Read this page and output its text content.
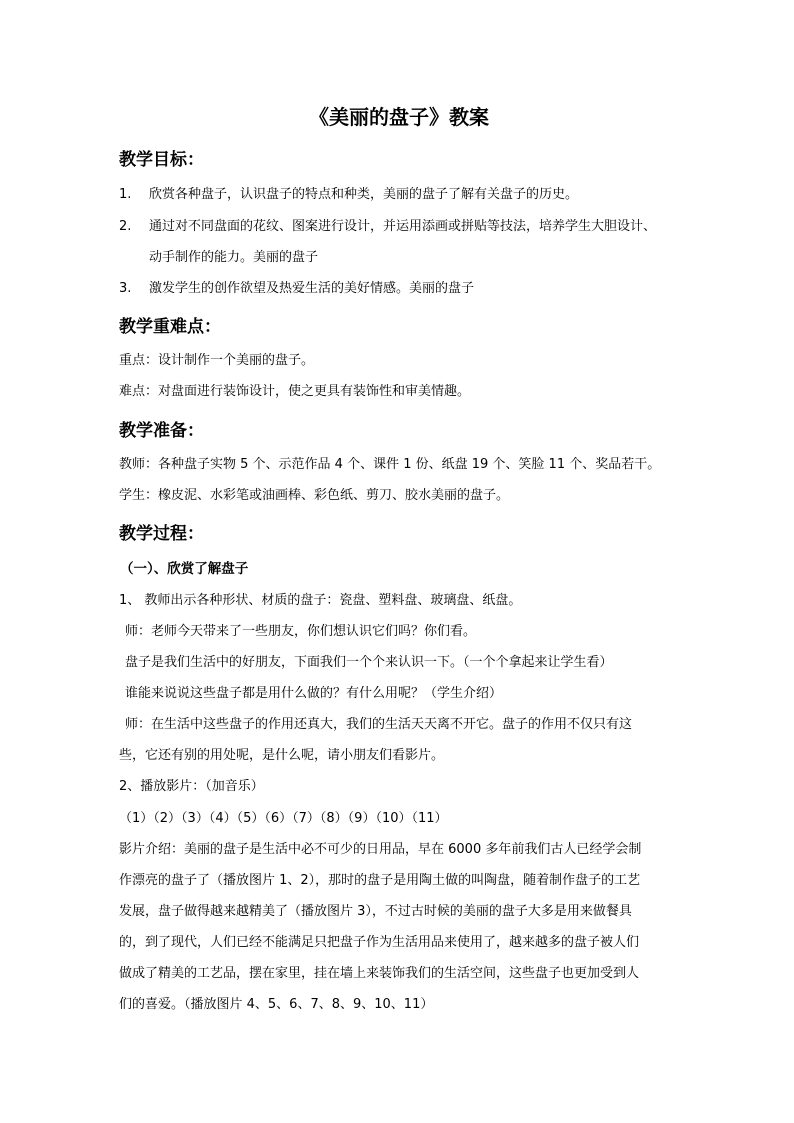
《美丽的盘子》教案
教学目标：
1. 欣赏各种盘子，认识盘子的特点和种类，美丽的盘子了解有关盘子的历史。
2. 通过对不同盘面的花纹、图案进行设计，并运用添画或拼贴等技法，培养学生大胆设计、
动手制作的能力。美丽的盘子
3. 激发学生的创作欲望及热爱生活的美好情感。美丽的盘子
教学重难点：
重点：设计制作一个美丽的盘子。
难点：对盘面进行装饰设计，使之更具有装饰性和审美情趣。
教学准备：
教师：各种盘子实物 5 个、示范作品 4 个、课件 1 份、纸盘 19 个、笑脸 11 个、奖品若干。
学生：橡皮泥、水彩笔或油画棒、彩色纸、剪刀、胶水美丽的盘子。
教学过程：
（一）、欣赏了解盘子
1、 教师出示各种形状、材质的盘子：瓷盘、塑料盘、玻璃盘、纸盘。
师：老师今天带来了一些朋友，你们想认识它们吗？你们看。
盘子是我们生活中的好朋友，下面我们一个个来认识一下。（一个个拿起来让学生看）
谁能来说说这些盘子都是用什么做的？有什么用呢？（学生介绍）
师：在生活中这些盘子的作用还真大，我们的生活天天离不开它。盘子的作用不仅只有这
些，它还有别的用处呢，是什么呢，请小朋友们看影片。
2、播放影片：（加音乐）
（1）（2）（3）（4）（5）（6）（7）（8）（9）（10）（11）
影片介绍：美丽的盘子是生活中必不可少的日用品，早在 6000 多年前我们古人已经学会制
作漂亮的盘子了（播放图片 1、2），那时的盘子是用陶土做的叫陶盘，随着制作盘子的工艺
发展，盘子做得越来越精美了（播放图片 3），不过古时候的美丽的盘子大多是用来做餐具
的，到了现代，人们已经不能满足只把盘子作为生活用品来使用了，越来越多的盘子被人们
做成了精美的工艺品，摆在家里，挂在墙上来装饰我们的生活空间，这些盘子也更加受到人
们的喜爱。（播放图片 4、5、6、7、8、9、10、11）
